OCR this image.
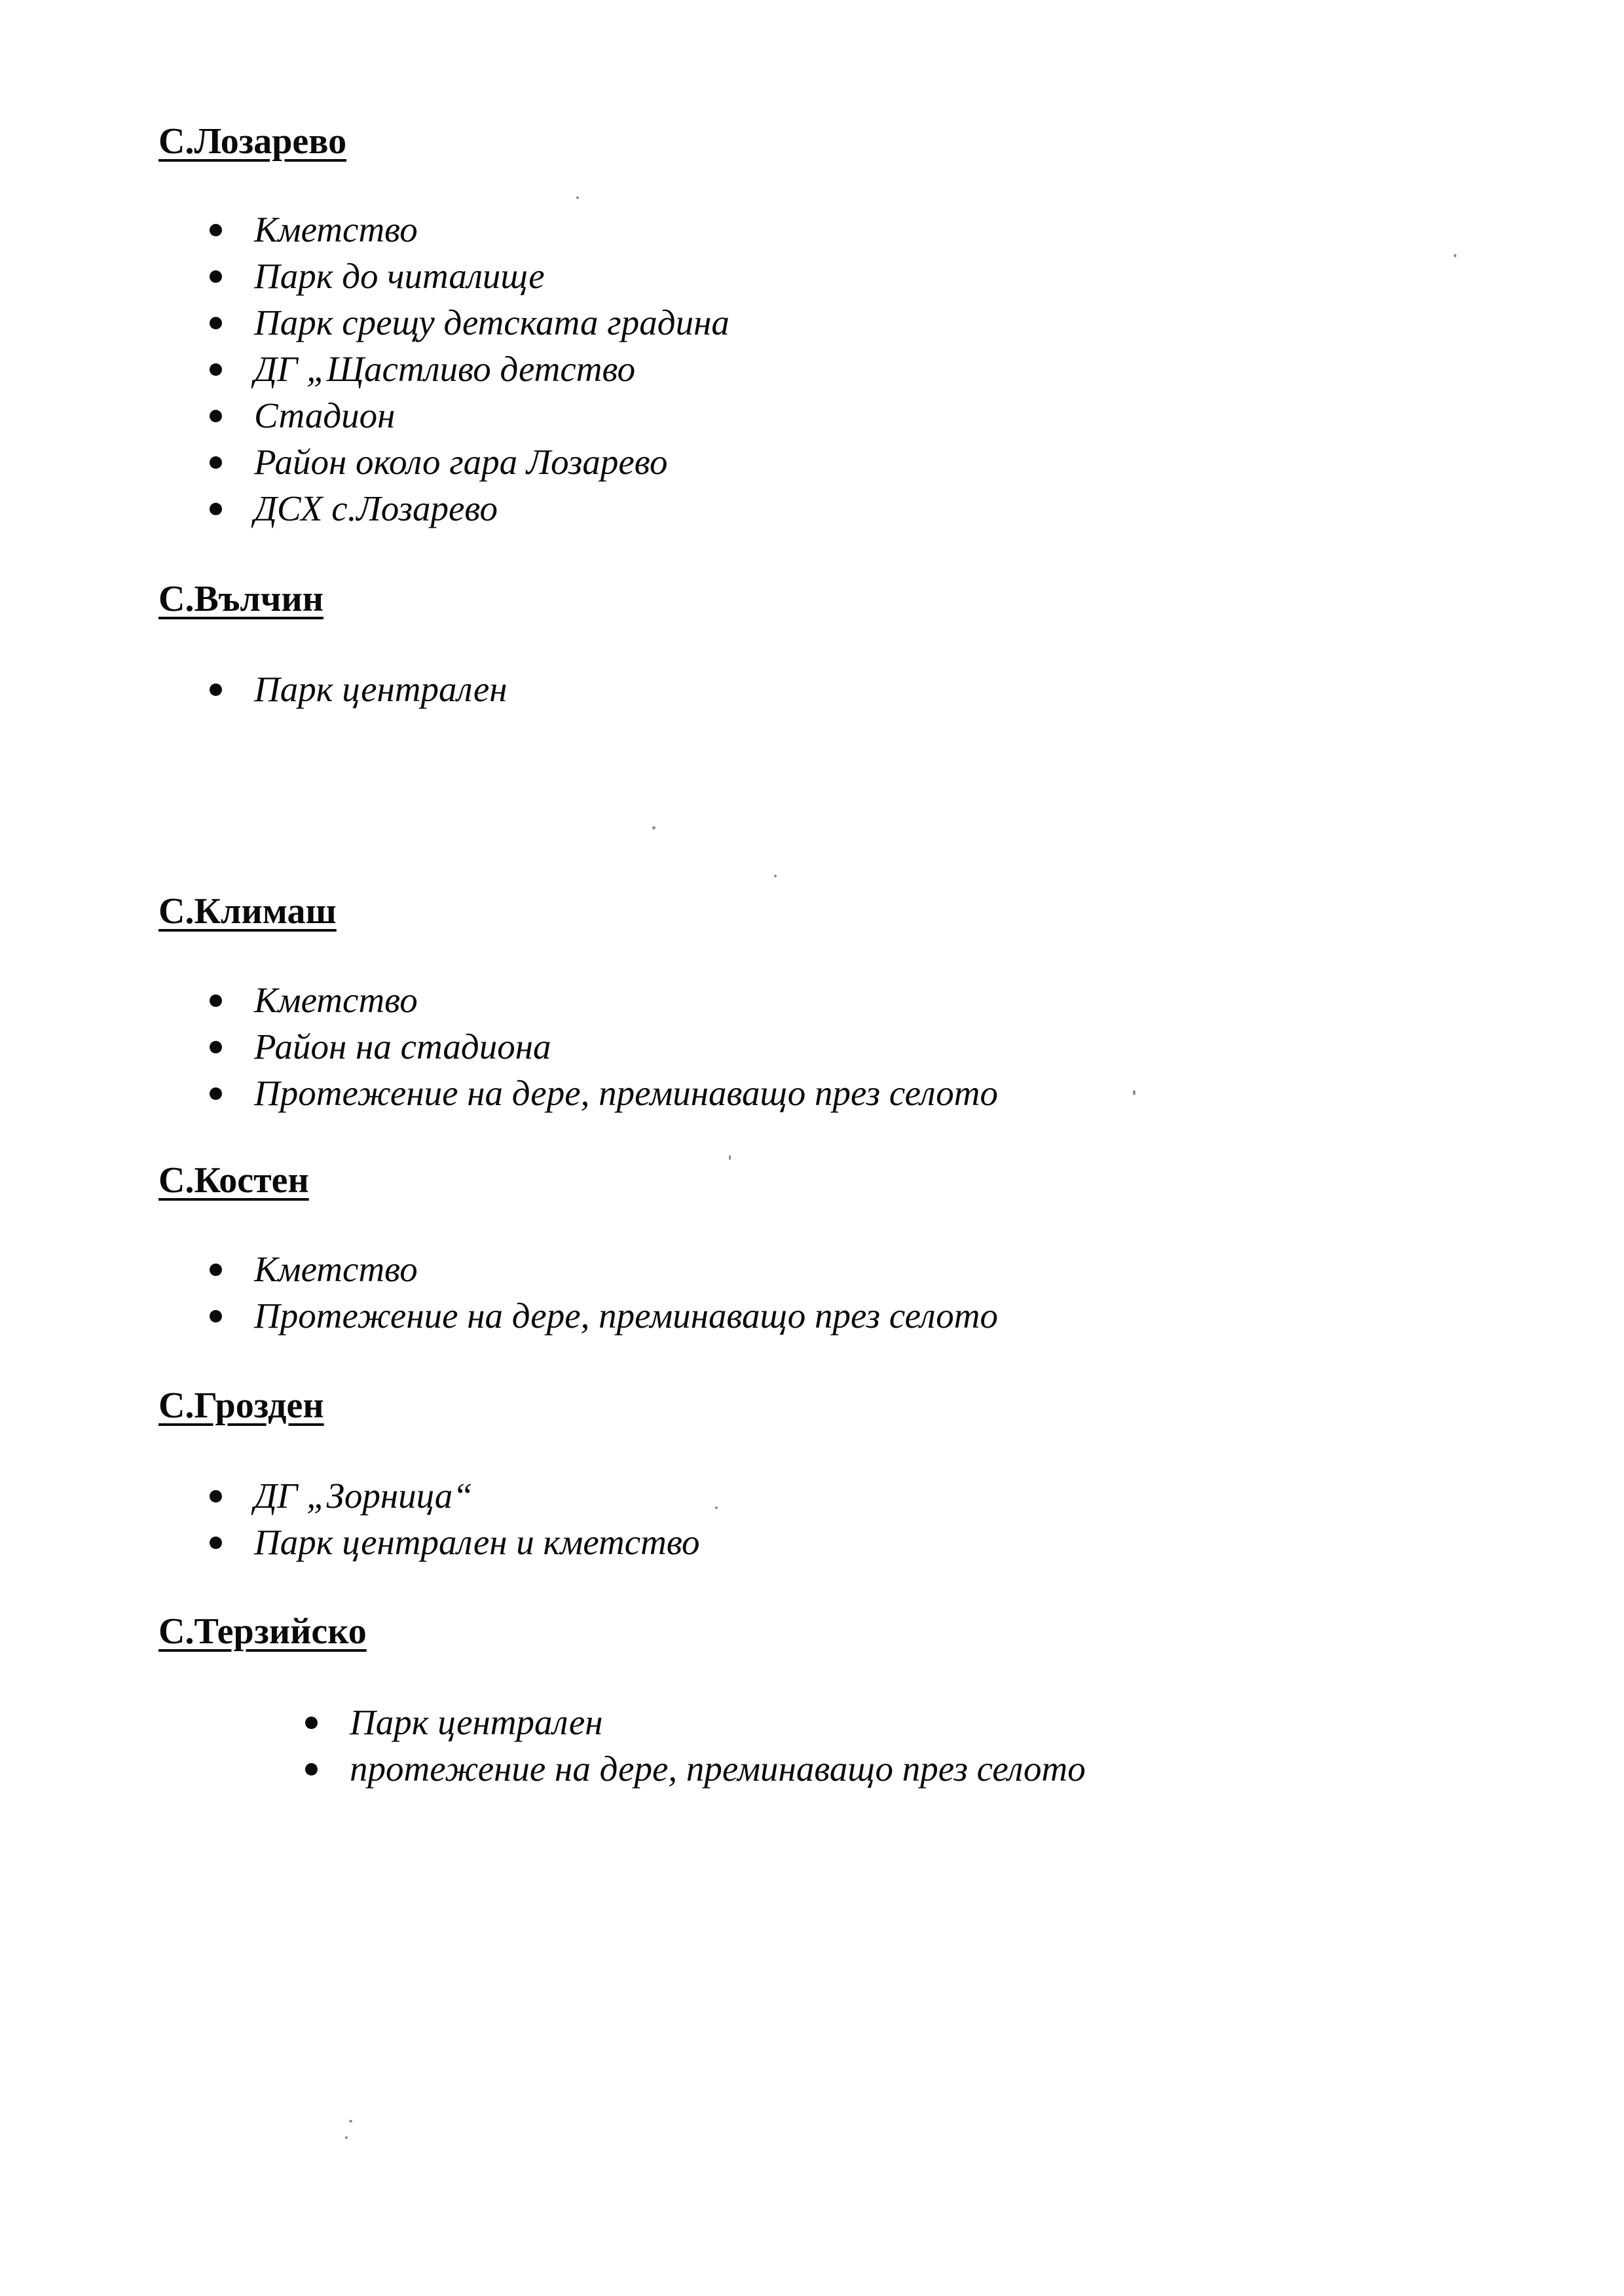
С.Лозарево
Кметство
Парк до читалище
Парк срещу детската градина
ДГ „Щастливо детство
Стадион
Район около гара Лозарево
ДСХ с.Лозарево
С.Вълчин
Парк централен
С.Климаш
Кметство
Район на стадиона
Протежение на дере, преминаващо през селото
С.Костен
Кметство
Протежение на дере, преминаващо през селото
С.Грозден
ДГ „Зорница“
Парк централен и кметство
С.Терзийско
Парк централен
протежение на дере, преминаващо през селото
